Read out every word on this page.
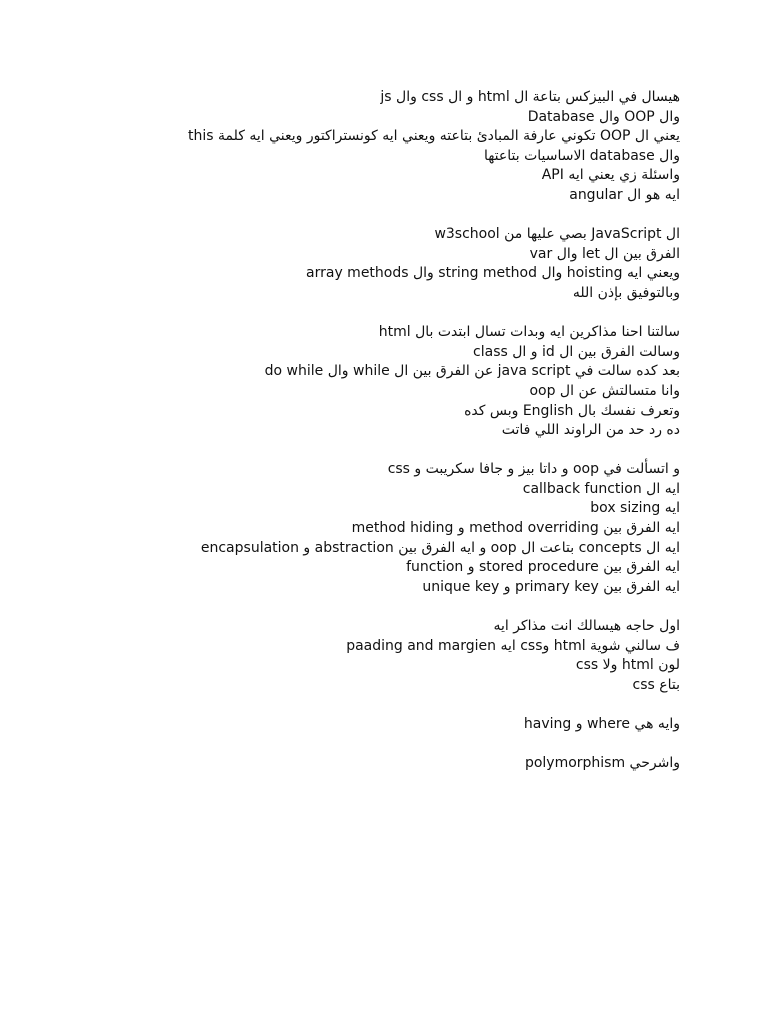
هيسال في البيزكس بتاعة ال html و ال css وال js
وال OOP وال Database
يعني ال OOP تكوني عارفة المبادئ بتاعته ويعني ايه كونستراكتور ويعني ايه كلمة this
وال database الاساسيات بتاعتها
واسئلة زي يعني ايه API
ايه هو ال angular
ال JavaScript بصي عليها من w3school
الفرق بين ال let وال var
ويعني ايه hoisting وال string method وال array methods
وبالتوفيق بإذن الله
سالتنا احنا مذاكرين ايه وبدات تسال ابتدت بال html
وسالت الفرق بين ال id و ال class
بعد كده سالت في java script عن الفرق بين ال while وال do while
وانا متسالتش عن ال oop
وتعرف نفسك بال English وبس كده
ده رد حد من الراوند اللي فاتت
و اتسألت في oop و داتا بيز و جافا سكريبت و css
ايه ال callback function
ايه box sizing
ايه الفرق بين method overriding و method hiding
ايه ال concepts بتاعت ال oop و ايه الفرق بين abstraction و encapsulation
ايه الفرق بين stored procedure و function
ايه الفرق بين primary key و unique key
اول حاجه هيسالك انت مذاكر ايه
ف سالني شوية html وcss ايه paading and margien
لون html ولا css
بتاع css
وايه هي where و having
واشرحي polymorphism
